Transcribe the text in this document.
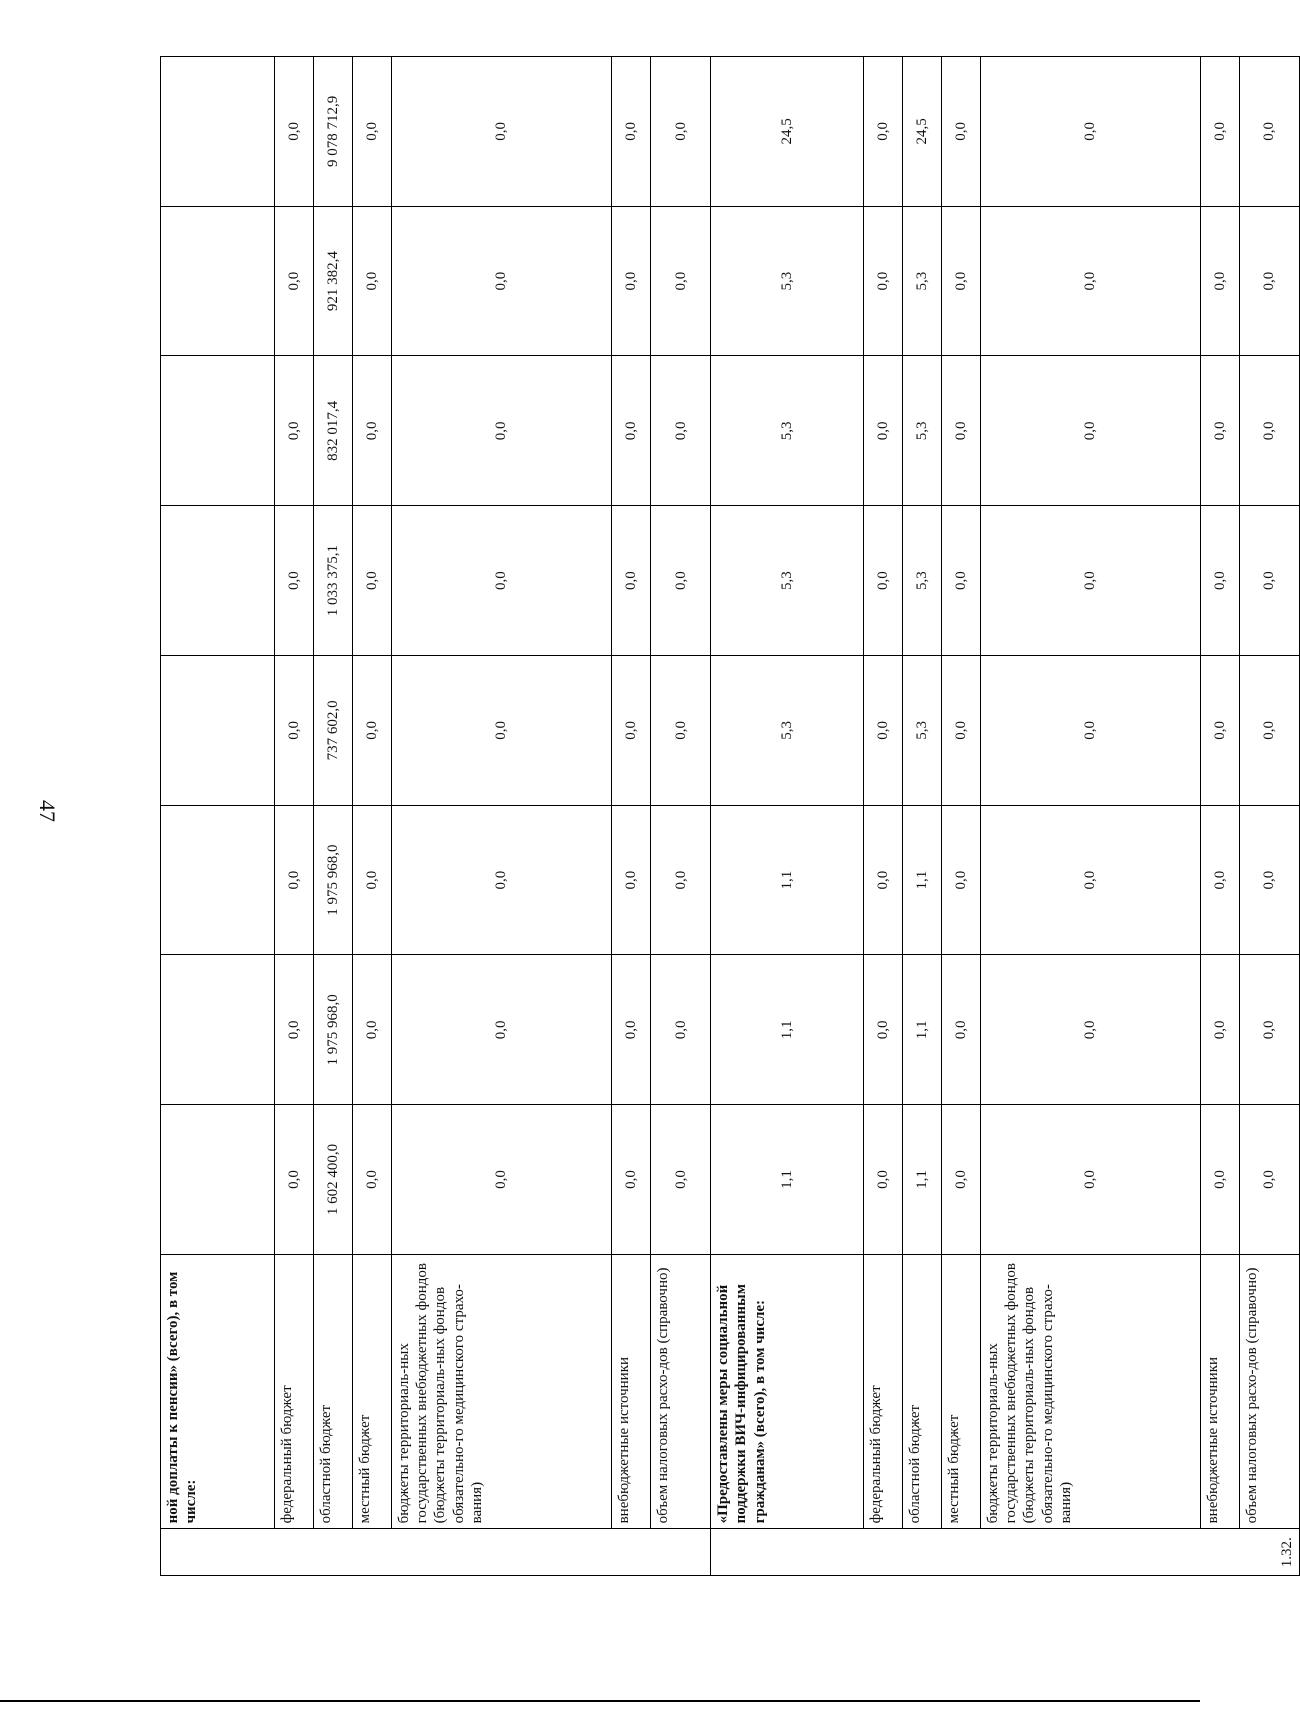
47
	ной доплаты к пенсии» (всего), в том числе:								
	федеральный бюджет	0,0	0,0	0,0	0,0	0,0	0,0	0,0	0,0
	областной бюджет	1 602 400,0	1 975 968,0	1 975 968,0	737 602,0	1 033 375,1	832 017,4	921 382,4	9 078 712,9
	местный бюджет	0,0	0,0	0,0	0,0	0,0	0,0	0,0	0,0
	бюджеты территориаль-ных государственных внебюджетных фондов (бюджеты территориаль-ных фондов обязательно-го медицинского страхо-вания)	0,0	0,0	0,0	0,0	0,0	0,0	0,0	0,0
	внебюджетные источники	0,0	0,0	0,0	0,0	0,0	0,0	0,0	0,0
	объем налоговых расхо-дов (справочно)	0,0	0,0	0,0	0,0	0,0	0,0	0,0	0,0
1.32.	«Предоставлены меры социальной поддержки ВИЧ-инфицированным гражданам» (всего), в том числе:	1,1	1,1	1,1	5,3	5,3	5,3	5,3	24,5
	федеральный бюджет	0,0	0,0	0,0	0,0	0,0	0,0	0,0	0,0
	областной бюджет	1,1	1,1	1,1	5,3	5,3	5,3	5,3	24,5
	местный бюджет	0,0	0,0	0,0	0,0	0,0	0,0	0,0	0,0
	бюджеты территориаль-ных государственных внебюджетных фондов (бюджеты территориаль-ных фондов обязательно-го медицинского страхо-вания)	0,0	0,0	0,0	0,0	0,0	0,0	0,0	0,0
	внебюджетные источники	0,0	0,0	0,0	0,0	0,0	0,0	0,0	0,0
	объем налоговых расхо-дов (справочно)	0,0	0,0	0,0	0,0	0,0	0,0	0,0	0,0
